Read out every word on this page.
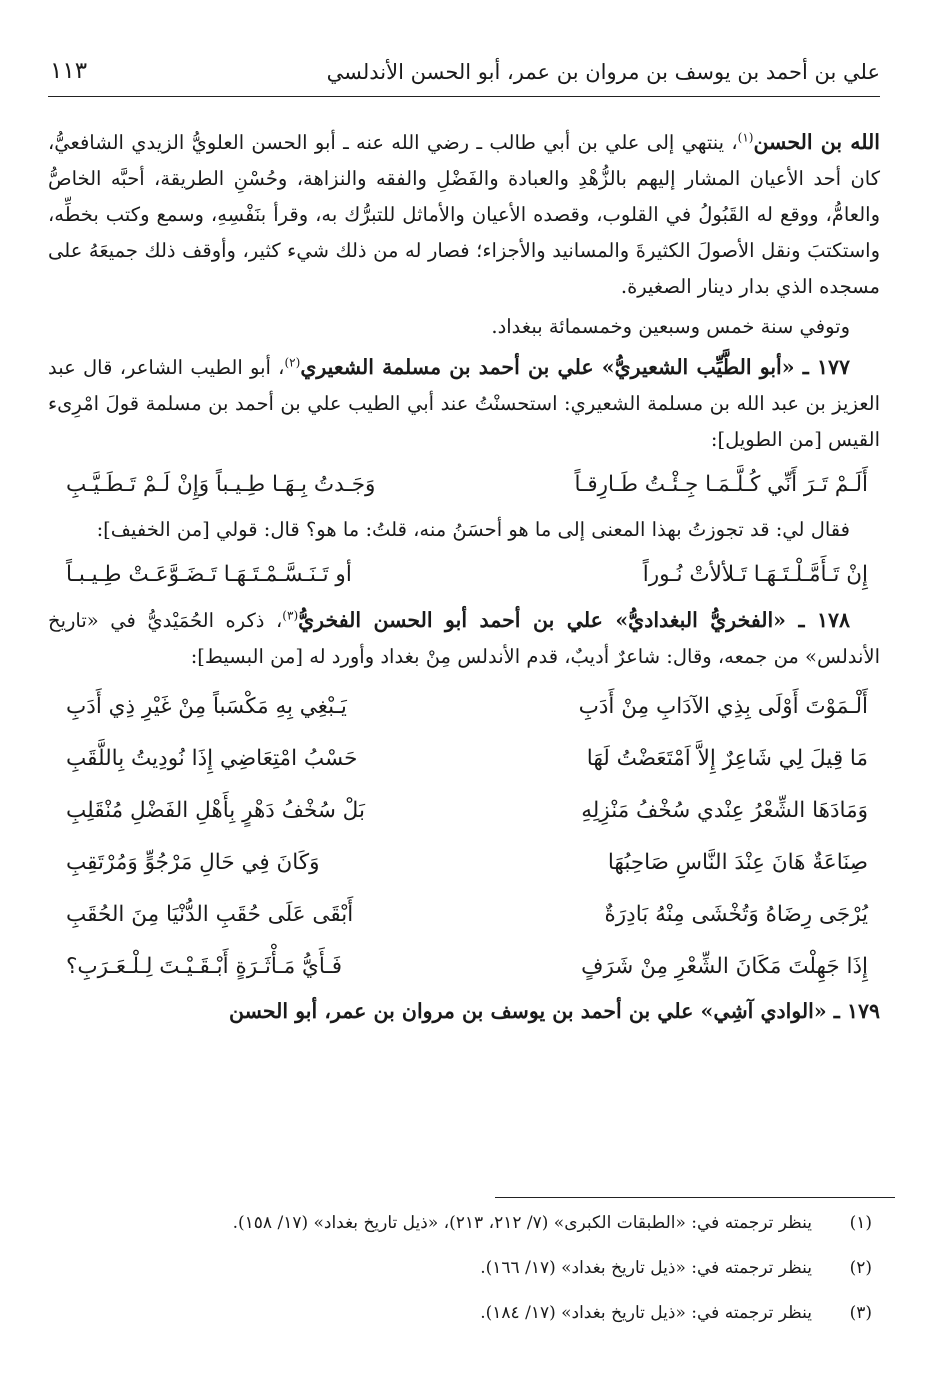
علي بن أحمد بن يوسف بن مروان بن عمر، أبو الحسن الأندلسي
١١٣

الله بن الحسن$^{(١)}$، ينتهي إلى علي بن أبي طالب ـ رضي الله عنه ـ أبو الحسن العلويُّ الزيدي الشافعيُّ، كان أحد الأعيان المشار إليهم بالزُّهْدِ والعبادة والفَضْلِ والفقه والنزاهة، وحُسْنِ الطريقة، أحبَّه الخاصُّ والعامُّ، ووقع له القَبُولُ في القلوب، وقصده الأعيان والأماثل للتبرُّك به، وقرأ بنَفْسِهِ، وسمع وكتب بخطِّه، واستكتبَ ونقل الأصولَ الكثيرةَ والمسانيد والأجزاء؛ فصار له من ذلك شيء كثير، وأوقف ذلك جميعَهُ على مسجده الذي بدار دينار الصغيرة.

وتوفي سنة خمس وسبعين وخمسمائة ببغداد.

١٧٧ ـ «أبو الطَّيِّب الشعيريُّ» علي بن أحمد بن مسلمة الشعيري$^{(٢)}$، أبو الطيب الشاعر، قال عبد العزيز بن عبد الله بن مسلمة الشعيري: استحسنْتُ عند أبي الطيب علي بن أحمد بن مسلمة قولَ امْرِىء القيس [من الطويل]:

أَلَـمْ تَـرَ أَنِّي كُـلَّـمَـا جِـئْـتُ طَـارِقـاً
وَجَـدتُ بِـهَـا طِـيـباً وَإِنْ لَـمْ تَـطَـيَّـبِ

فقال لي: قد تجوزتُ بهذا المعنى إلى ما هو أحسَنُ منه، قلتُ: ما هو؟ قال: قولي [من الخفيف]:

إِنْ تَـأَمَّـلْـتَـهَـا تَـلألأتْ نُـوراً
أو تَـنَـسَّـمْـتَـهَـا تَـضَـوَّعَـتْ طِـيـبـاً

١٧٨ ـ «الفخريُّ البغداديُّ» علي بن أحمد أبو الحسن الفخريُّ$^{(٣)}$، ذكره الحُمَيْديُّ في «تاريخ الأندلس» من جمعه، وقال: شاعرٌ أديبٌ، قدم الأندلس مِنْ بغداد وأورد له [من البسيط]:

أَلْـمَوْتَ أَوْلَى بِذِي الآدَابِ مِنْ أَدَبِ
يَـبْغِي بِهِ مَكْسَباً مِنْ غَيْرِ ذِي أَدَبِ
مَا قِيلَ لِي شَاعِرٌ إِلاَّ اَمْتَعَضْتُ لَهَا
حَسْبُ امْتِعَاضِي إِذَا نُودِيتُ بِاللَّقَبِ
وَمَادَهَا الشِّعْرُ عِنْدي سُخْفُ مَنْزِلِهِ
بَلْ سُخْفُ دَهْرٍ بِأَهْلِ الفَضْلِ مُنْقَلِبِ
صِنَاعَةٌ هَانَ عِنْدَ النَّاسِ صَاحِبُهَا
وَكَانَ فِي حَالِ مَرْجُوٍّ وَمُرْتَقِبِ
يُرْجَى رِضَاهُ وَتُخْشَى مِنْهُ بَادِرَةٌ
أَبْقَى عَلَى حُقَبِ الدُّنْيَا مِنَ الحُقَبِ
إِذَا جَهِلْتَ مَكَانَ الشِّعْرِ مِنْ شَرَفٍ
فَـأَيُّ مَـأْثَـرَةٍ أَبْـقَـيْـتَ لِـلْـعَـرَبِ؟

١٧٩ ـ «الوادي آشِي» علي بن أحمد بن يوسف بن مروان بن عمر، أبو الحسن

(١)
ينظر ترجمته في: «الطبقات الكبرى» (٧/ ٢١٢، ٢١٣)، «ذيل تاريخ بغداد» (١٧/ ١٥٨).
(٢)
ينظر ترجمته في: «ذيل تاريخ بغداد» (١٧/ ١٦٦).
(٣)
ينظر ترجمته في: «ذيل تاريخ بغداد» (١٧/ ١٨٤).
